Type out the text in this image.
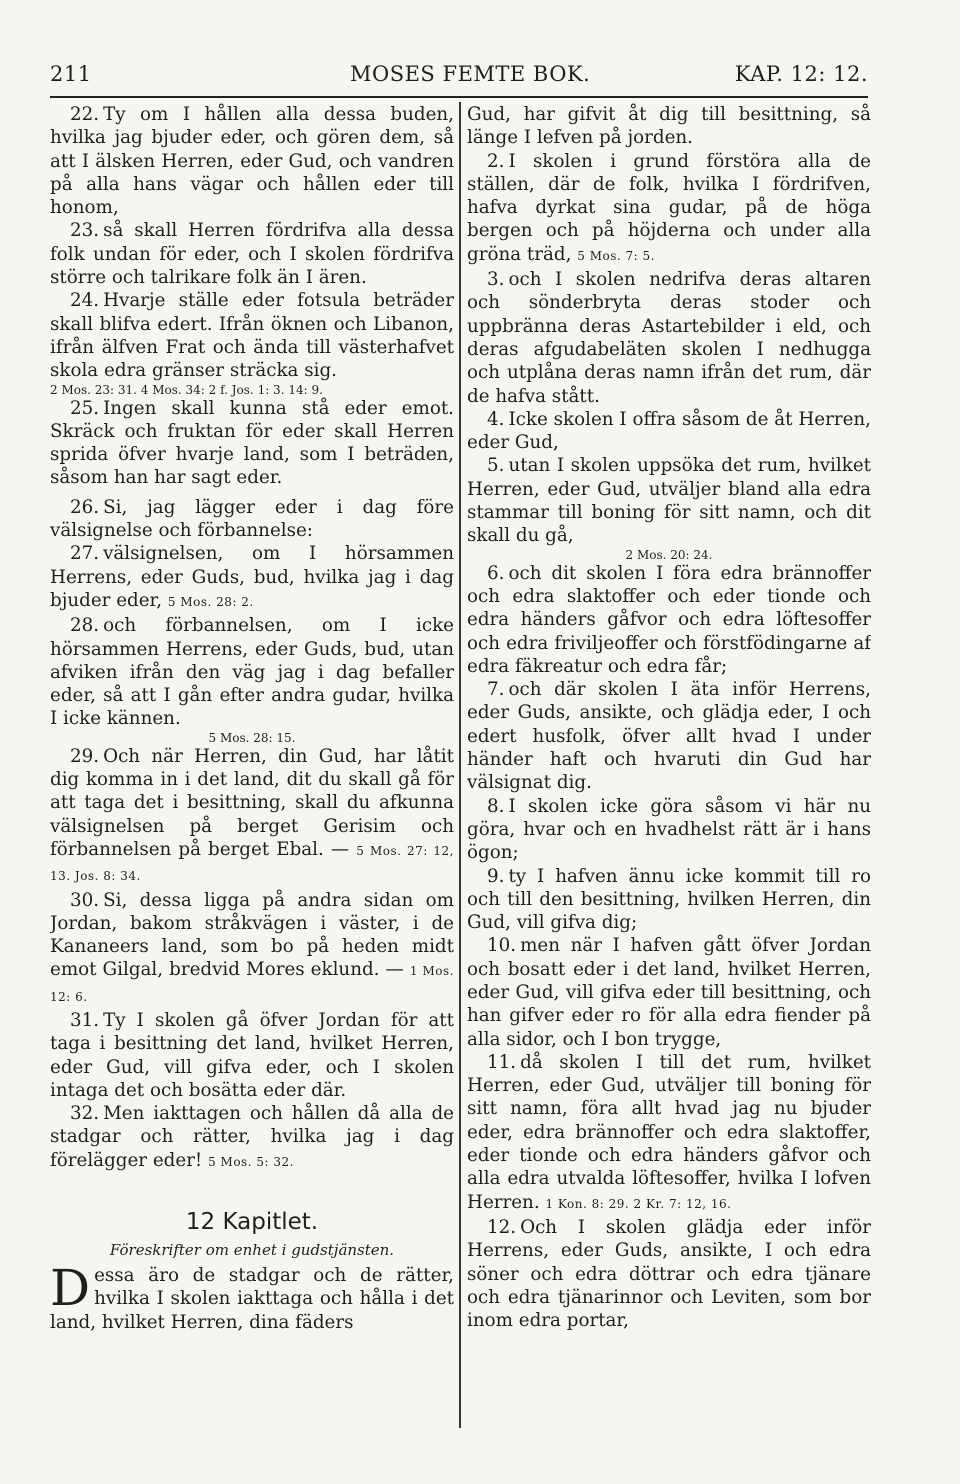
211	MOSES FEMTE BOK.	KAP. 12: 12.

22. Ty om I hållen alla dessa buden, hvilka jag bjuder eder, och gören dem, så att I älsken Herren, eder Gud, och vandren på alla hans vägar och hållen eder till honom,

23. så skall Herren fördrifva alla dessa folk undan för eder, och I skolen fördrifva större och talrikare folk än I ären.

24. Hvarje ställe eder fotsula beträder skall blifva edert. Ifrån öknen och Libanon, ifrån älfven Frat och ända till västerhafvet skola edra gränser sträcka sig.

2 Mos. 23: 31. 4 Mos. 34: 2 f. Jos. 1: 3. 14: 9.

25. Ingen skall kunna stå eder emot. Skräck och fruktan för eder skall Herren sprida öfver hvarje land, som I beträden, såsom han har sagt eder.

26. Si, jag lägger eder i dag före välsignelse och förbannelse:

27. välsignelsen, om I hörsammen Herrens, eder Guds, bud, hvilka jag i dag bjuder eder, 5 Mos. 28: 2.

28. och förbannelsen, om I icke hörsammen Herrens, eder Guds, bud, utan afviken ifrån den väg jag i dag befaller eder, så att I gån efter andra gudar, hvilka I icke kännen.

5 Mos. 28: 15.

29. Och när Herren, din Gud, har låtit dig komma in i det land, dit du skall gå för att taga det i besittning, skall du afkunna välsignelsen på berget Gerisim och förbannelsen på berget Ebal. — 5 Mos. 27: 12, 13. Jos. 8: 34.

30. Si, dessa ligga på andra sidan om Jordan, bakom stråkvägen i väster, i de Kananeers land, som bo på heden midt emot Gilgal, bredvid Mores eklund. — 1 Mos. 12: 6.

31. Ty I skolen gå öfver Jordan för att taga i besittning det land, hvilket Herren, eder Gud, vill gifva eder, och I skolen intaga det och bosätta eder där.

32. Men iakttagen och hållen då alla de stadgar och rätter, hvilka jag i dag förelägger eder! 5 Mos. 5: 32.

12 Kapitlet.
Föreskrifter om enhet i gudstjänsten.

Dessa äro de stadgar och de rätter, hvilka I skolen iakttaga och hålla i det land, hvilket Herren, dina fäders

Gud, har gifvit åt dig till besittning, så länge I lefven på jorden.

2. I skolen i grund förstöra alla de ställen, där de folk, hvilka I fördrifven, hafva dyrkat sina gudar, på de höga bergen och på höjderna och under alla gröna träd, 5 Mos. 7: 5.

3. och I skolen nedrifva deras altaren och sönderbryta deras stoder och uppbränna deras Astartebilder i eld, och deras afgudabeläten skolen I nedhugga och utplåna deras namn ifrån det rum, där de hafva stått.

4. Icke skolen I offra såsom de åt Herren, eder Gud,

5. utan I skolen uppsöka det rum, hvilket Herren, eder Gud, utväljer bland alla edra stammar till boning för sitt namn, och dit skall du gå,

2 Mos. 20: 24.

6. och dit skolen I föra edra brännoffer och edra slaktoffer och eder tionde och edra händers gåfvor och edra löftesoffer och edra friviljeoffer och förstfödingarne af edra fäkreatur och edra får;

7. och där skolen I äta inför Herrens, eder Guds, ansikte, och glädja eder, I och edert husfolk, öfver allt hvad I under händer haft och hvaruti din Gud har välsignat dig.

8. I skolen icke göra såsom vi här nu göra, hvar och en hvadhelst rätt är i hans ögon;

9. ty I hafven ännu icke kommit till ro och till den besittning, hvilken Herren, din Gud, vill gifva dig;

10. men när I hafven gått öfver Jordan och bosatt eder i det land, hvilket Herren, eder Gud, vill gifva eder till besittning, och han gifver eder ro för alla edra fiender på alla sidor, och I bon trygge,

11. då skolen I till det rum, hvilket Herren, eder Gud, utväljer till boning för sitt namn, föra allt hvad jag nu bjuder eder, edra brännoffer och edra slaktoffer, eder tionde och edra händers gåfvor och alla edra utvalda löftesoffer, hvilka I lofven Herren. 1 Kon. 8: 29. 2 Kr. 7: 12, 16.

12. Och I skolen glädja eder inför Herrens, eder Guds, ansikte, I och edra söner och edra döttrar och edra tjänare och edra tjänarinnor och Leviten, som bor inom edra portar,
